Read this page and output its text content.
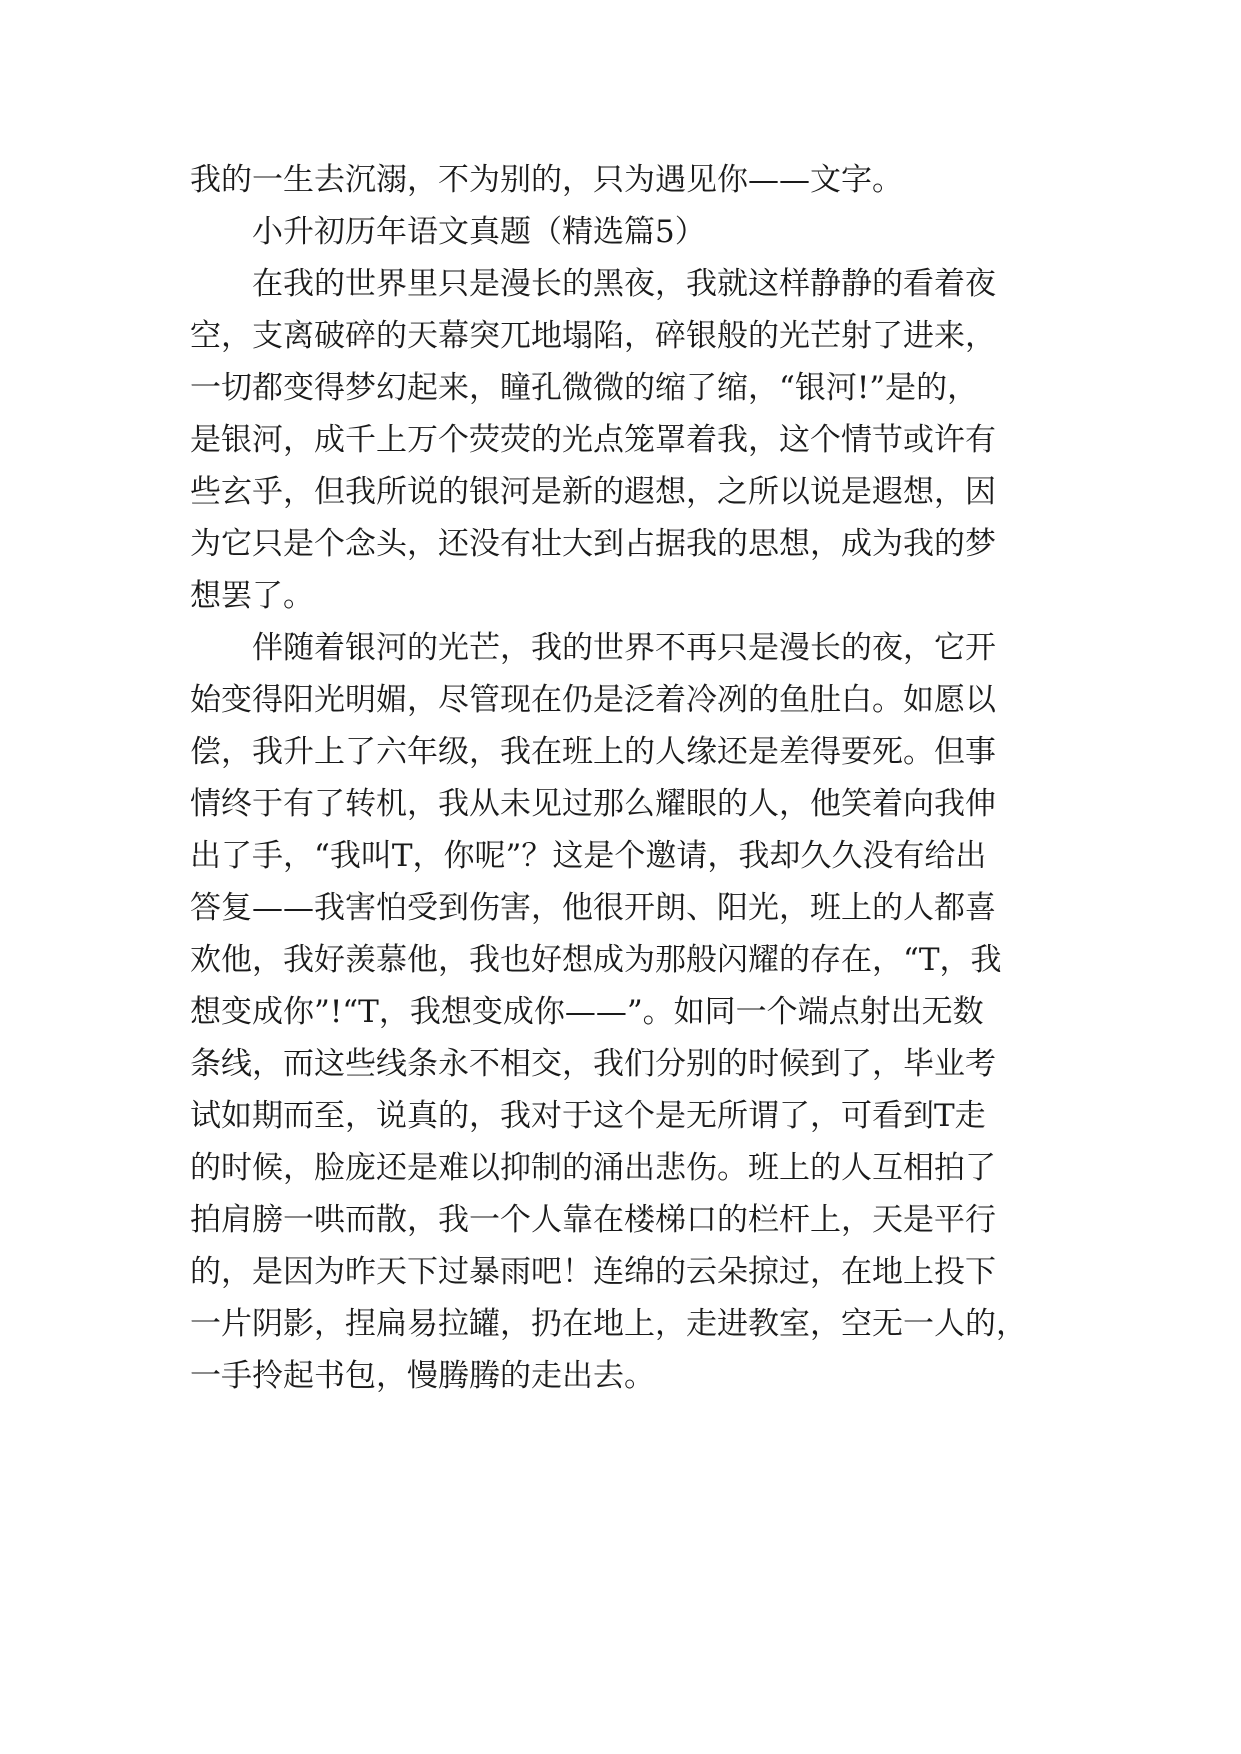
我的一生去沉溺，不为别的，只为遇见你——文字。
小升初历年语文真题（精选篇5）
在我的世界里只是漫长的黑夜，我就这样静静的看着夜
空，支离破碎的天幕突兀地塌陷，碎银般的光芒射了进来，
一切都变得梦幻起来，瞳孔微微的缩了缩，“银河!”是的，
是银河，成千上万个荧荧的光点笼罩着我，这个情节或许有
些玄乎，但我所说的银河是新的遐想，之所以说是遐想，因
为它只是个念头，还没有壮大到占据我的思想，成为我的梦
想罢了。
伴随着银河的光芒，我的世界不再只是漫长的夜，它开
始变得阳光明媚，尽管现在仍是泛着冷冽的鱼肚白。如愿以
偿，我升上了六年级，我在班上的人缘还是差得要死。但事
情终于有了转机，我从未见过那么耀眼的人，他笑着向我伸
出了手，“我叫T，你呢”？这是个邀请，我却久久没有给出
答复——我害怕受到伤害，他很开朗、阳光，班上的人都喜
欢他，我好羡慕他，我也好想成为那般闪耀的存在，“T，我
想变成你”!“T，我想变成你——”。如同一个端点射出无数
条线，而这些线条永不相交，我们分别的时候到了，毕业考
试如期而至，说真的，我对于这个是无所谓了，可看到T走
的时候，脸庞还是难以抑制的涌出悲伤。班上的人互相拍了
拍肩膀一哄而散，我一个人靠在楼梯口的栏杆上，天是平行
的，是因为昨天下过暴雨吧！连绵的云朵掠过，在地上投下
一片阴影，捏扁易拉罐，扔在地上，走进教室，空无一人的，
一手拎起书包，慢腾腾的走出去。
